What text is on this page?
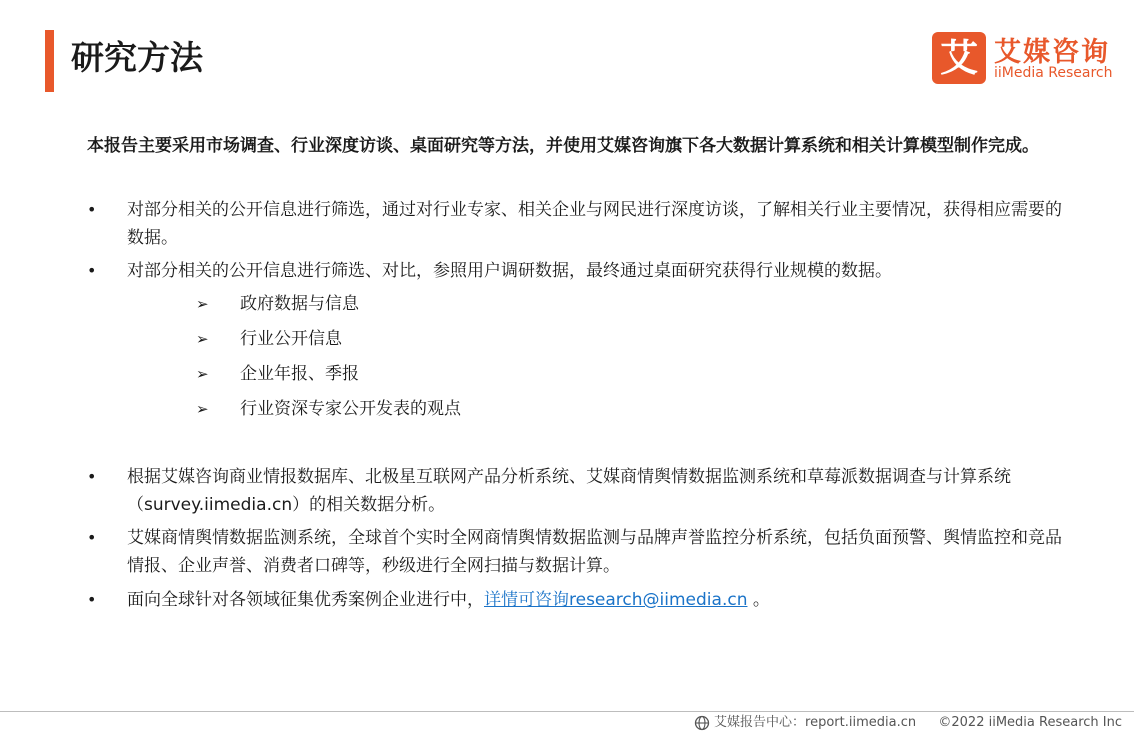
研究方法	艾 艾媒咨询
iiMedia Research
本报告主要采用市场调查、行业深度访谈、桌面研究等方法，并使用艾媒咨询旗下各大数据计算系统和相关计算模型制作完成。
•	对部分相关的公开信息进行筛选，通过对行业专家、相关企业与网民进行深度访谈，了解相关行业主要情况，获得相应需要的数据。
•	对部分相关的公开信息进行筛选、对比，参照用户调研数据，最终通过桌面研究获得行业规模的数据。
➢ 政府数据与信息
➢ 行业公开信息
➢ 企业年报、季报
➢ 行业资深专家公开发表的观点
•	根据艾媒咨询商业情报数据库、北极星互联网产品分析系统、艾媒商情舆情数据监测系统和草莓派数据调查与计算系统（survey.iimedia.cn）的相关数据分析。
•	艾媒商情舆情数据监测系统，全球首个实时全网商情舆情数据监测与品牌声誉监控分析系统，包括负面预警、舆情监控和竞品情报、企业声誉、消费者口碑等，秒级进行全网扫描与数据计算。
•	面向全球针对各领域征集优秀案例企业进行中，详情可咨询research@iimedia.cn 。
艾媒报告中心：report.iimedia.cn ©2022 iiMedia Research Inc
